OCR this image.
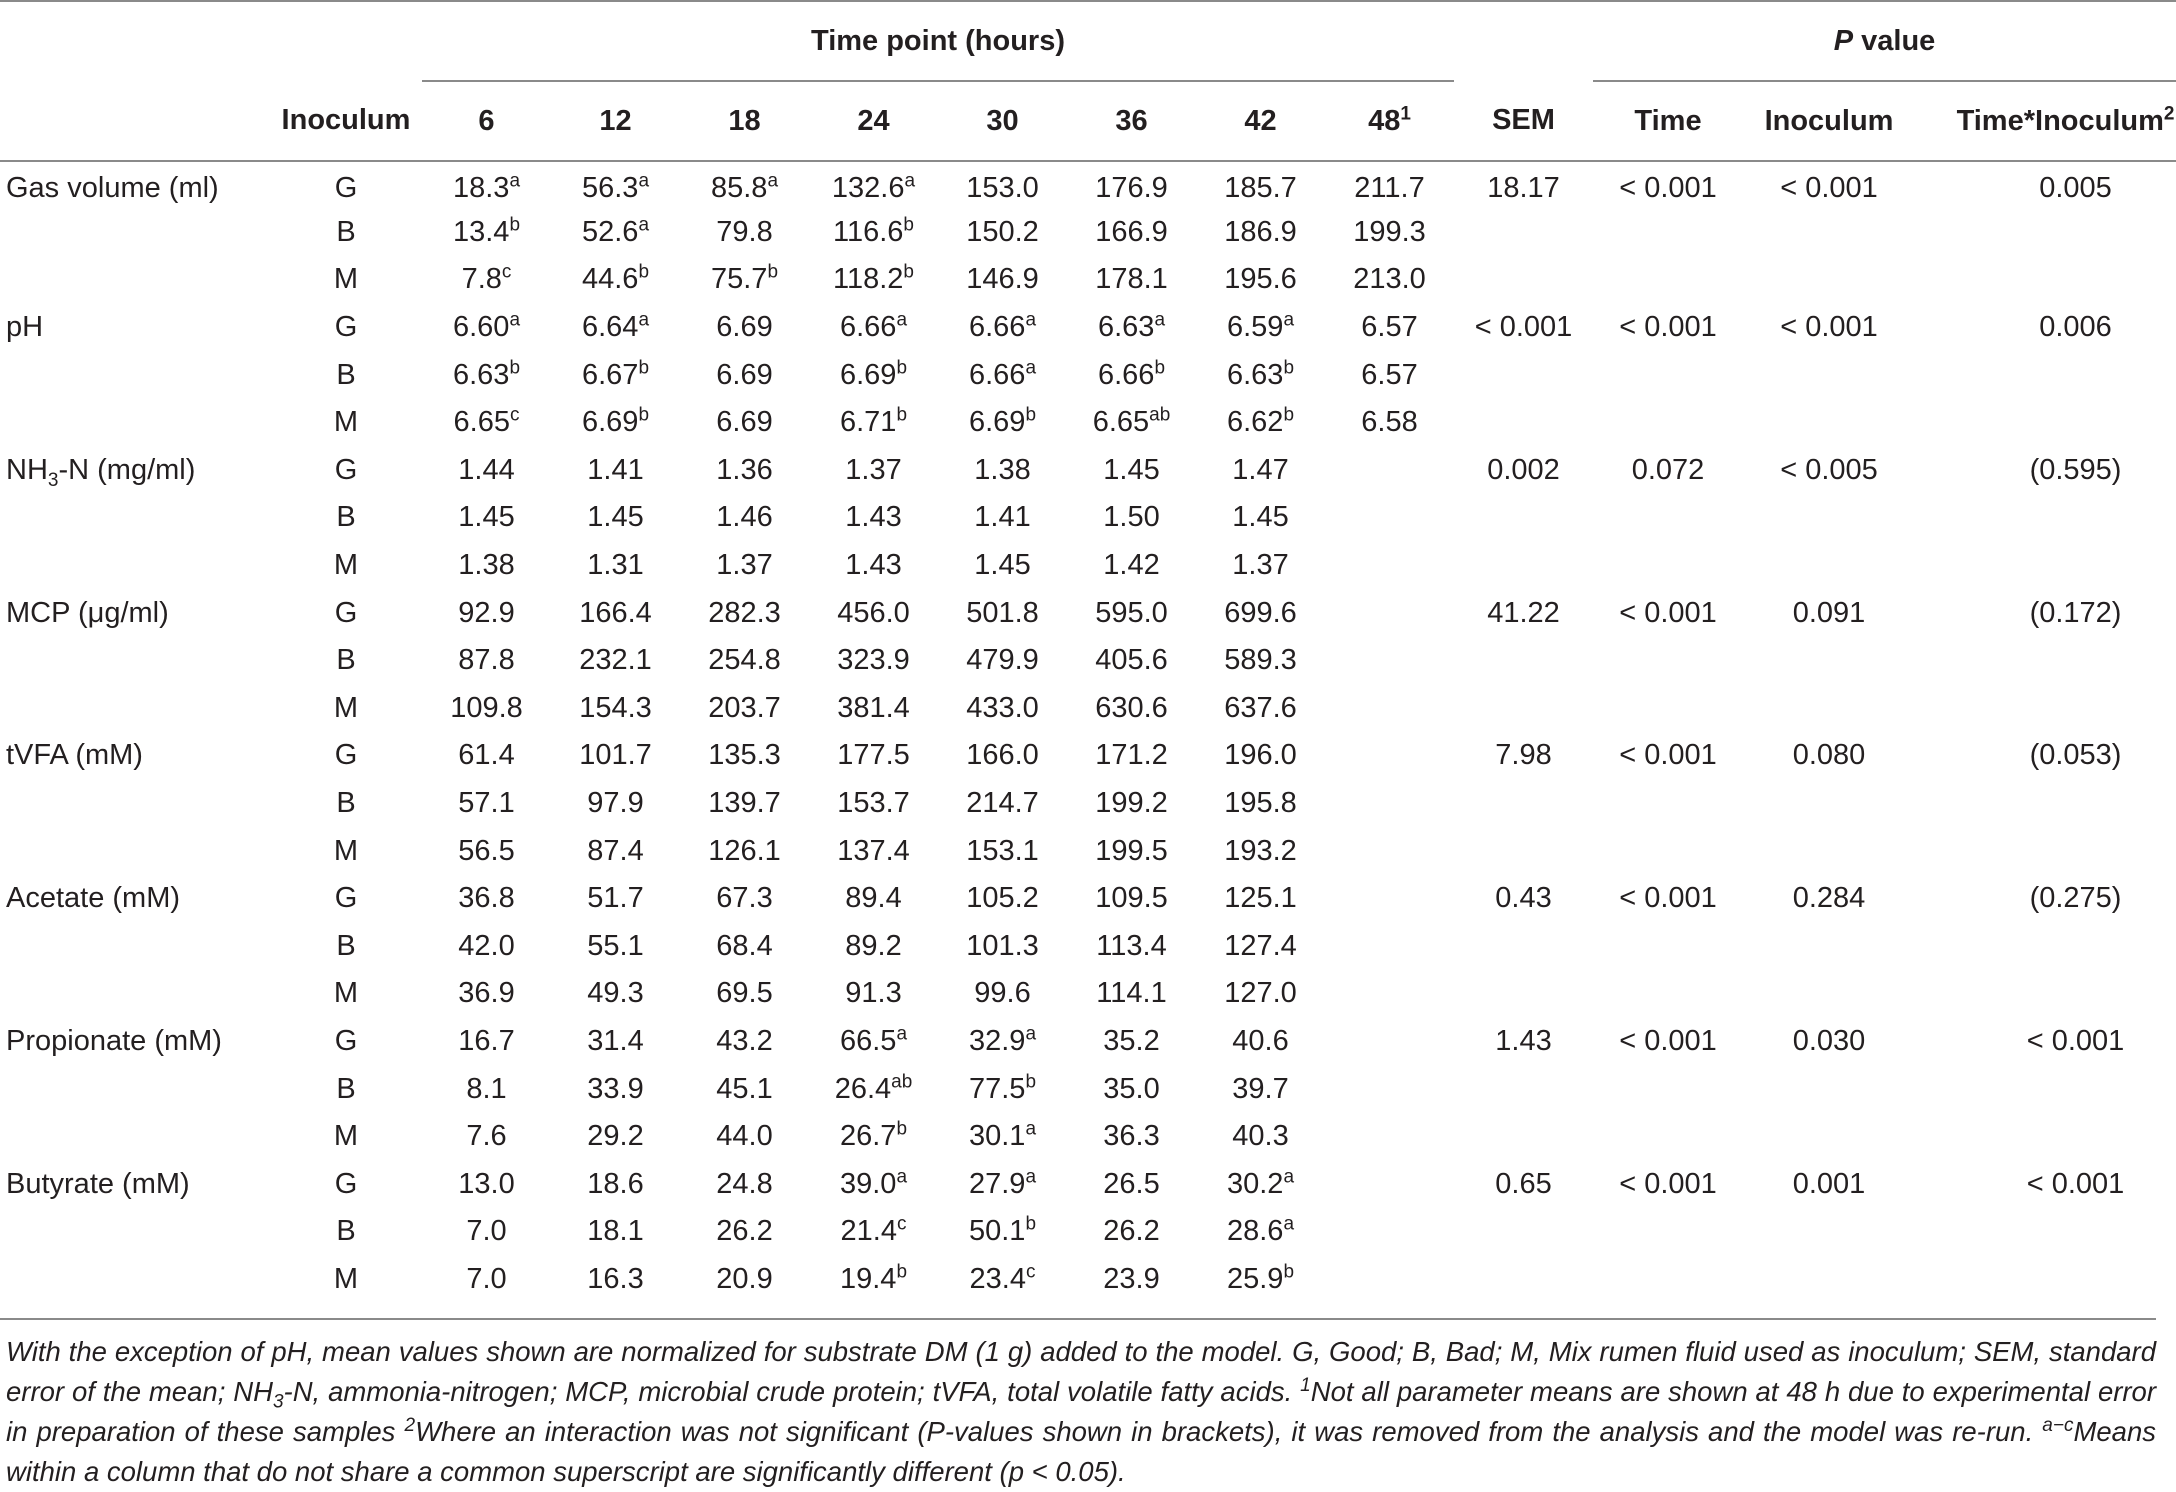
		Time point (hours)									P value		
	Inoculum	6	12	18	24	30	36	42	$48^1$	SEM	Time	Inoculum	Time*Inoculum$^2$
Gas volume (ml)	G	18.3$^a$	56.3$^a$	85.8$^a$	132.6$^a$	153.0	176.9	185.7	211.7	18.17	< 0.001	< 0.001	0.005
	B	13.4$^b$	52.6$^a$	79.8	116.6$^b$	150.2	166.9	186.9	199.3				
	M	7.8$^c$	44.6$^b$	75.7$^b$	118.2$^b$	146.9	178.1	195.6	213.0				
pH	G	6.60$^a$	6.64$^a$	6.69	6.66$^a$	6.66$^a$	6.63$^a$	6.59$^a$	6.57	< 0.001	< 0.001	< 0.001	0.006
	B	6.63$^b$	6.67$^b$	6.69	6.69$^b$	6.66$^a$	6.66$^b$	6.63$^b$	6.57				
	M	6.65$^c$	6.69$^b$	6.69	6.71$^b$	6.69$^b$	6.65$^{ab}$	6.62$^b$	6.58				
$NH_3-N$ (mg/ml)	G	1.44	1.41	1.36	1.37	1.38	1.45	1.47		0.002	0.072	< 0.005	(0.595)
	B	1.45	1.45	1.46	1.43	1.41	1.50	1.45					
	M	1.38	1.31	1.37	1.43	1.45	1.42	1.37					
MCP (μg/ml)	G	92.9	166.4	282.3	456.0	501.8	595.0	699.6		41.22	< 0.001	0.091	(0.172)
	B	87.8	232.1	254.8	323.9	479.9	405.6	589.3					
	M	109.8	154.3	203.7	381.4	433.0	630.6	637.6					
tVFA (mM)	G	61.4	101.7	135.3	177.5	166.0	171.2	196.0		7.98	< 0.001	0.080	(0.053)
	B	57.1	97.9	139.7	153.7	214.7	199.2	195.8					
	M	56.5	87.4	126.1	137.4	153.1	199.5	193.2					
Acetate (mM)	G	36.8	51.7	67.3	89.4	105.2	109.5	125.1		0.43	< 0.001	0.284	(0.275)
	B	42.0	55.1	68.4	89.2	101.3	113.4	127.4					
	M	36.9	49.3	69.5	91.3	99.6	114.1	127.0					
Propionate (mM)	G	16.7	31.4	43.2	66.5$^a$	32.9$^a$	35.2	40.6		1.43	< 0.001	0.030	< 0.001
	B	8.1	33.9	45.1	26.4$^{ab}$	77.5$^b$	35.0	39.7					
	M	7.6	29.2	44.0	26.7$^b$	30.1$^a$	36.3	40.3					
Butyrate (mM)	G	13.0	18.6	24.8	39.0$^a$	27.9$^a$	26.5	30.2$^a$		0.65	< 0.001	0.001	< 0.001
	B	7.0	18.1	26.2	21.4$^c$	50.1$^b$	26.2	28.6$^a$					
	M	7.0	16.3	20.9	19.4$^b$	23.4$^c$	23.9	25.9$^b$					
With the exception of pH, mean values shown are normalized for substrate DM (1 g) added to the model. G, Good; B, Bad; M, Mix rumen fluid used as inoculum; SEM, standard error of the mean; $NH_3-N$, ammonia-nitrogen; MCP, microbial crude protein; tVFA, total volatile fatty acids. $^1$Not all parameter means are shown at 48 h due to experimental error in preparation of these samples $^2$Where an interaction was not significant (P-values shown in brackets), it was removed from the analysis and the model was re-run. $^{a-c}$Means within a column that do not share a common superscript are significantly different (p < 0.05).
